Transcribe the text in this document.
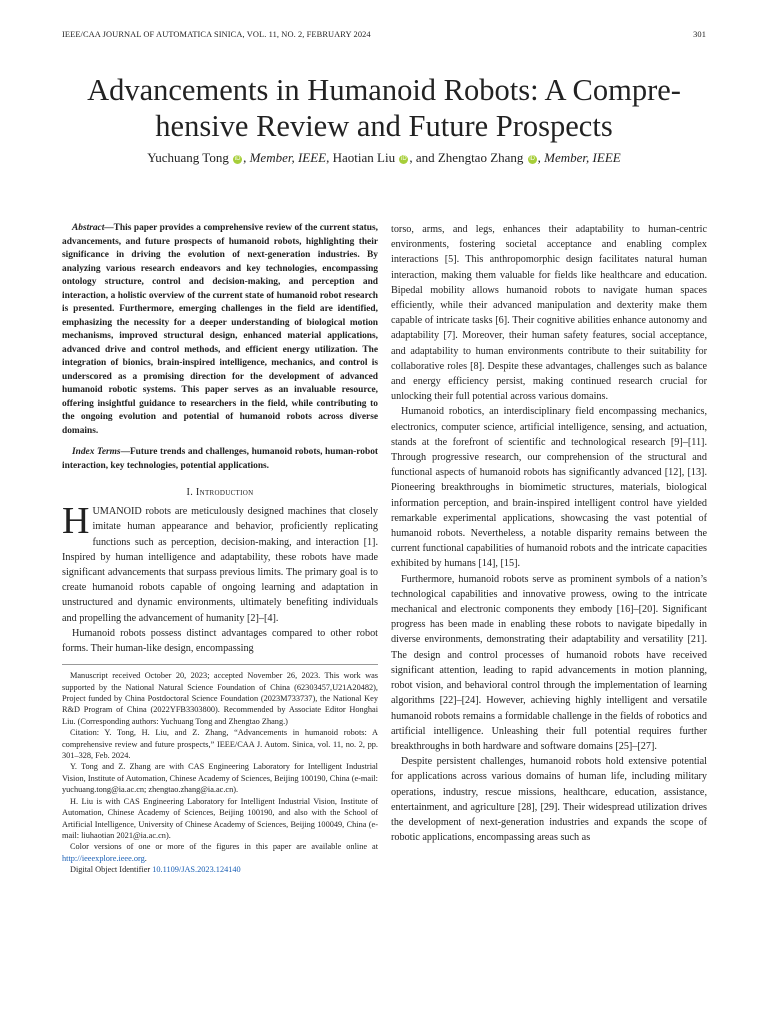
IEEE/CAA JOURNAL OF AUTOMATICA SINICA, VOL. 11, NO. 2, FEBRUARY 2024	301
Advancements in Humanoid Robots: A Compre-
hensive Review and Future Prospects
Yuchuang Tong iD , Member, IEEE, Haotian Liu iD , and Zhengtao Zhang iD , Member, IEEE

Abstract—This paper provides a comprehensive review of the current status, advancements, and future prospects of humanoid robots, highlighting their significance in driving the evolution of next-generation industries. By analyzing various research endeavors and key technologies, encompassing ontology structure, control and decision-making, and perception and interaction, a holistic overview of the current state of humanoid robot research is presented. Furthermore, emerging challenges in the field are identified, emphasizing the necessity for a deeper understanding of biological motion mechanisms, improved structural design, enhanced material applications, advanced drive and control methods, and efficient energy utilization. The integration of bionics, brain-inspired intelligence, mechanics, and control is underscored as a promising direction for the development of advanced humanoid robotic systems. This paper serves as an invaluable resource, offering insightful guidance to researchers in the field, while contributing to the ongoing evolution and potential of humanoid robots across diverse domains.

Index Terms—Future trends and challenges, humanoid robots, human-robot interaction, key technologies, potential applications.

I. Introduction

HUMANOID robots are meticulously designed machines that closely imitate human appearance and behavior, proficiently replicating functions such as perception, decision-making, and interaction [1]. Inspired by human intelligence and adaptability, these robots have made significant advancements that surpass previous limits. The primary goal is to create humanoid robots capable of ongoing learning and adaptation in unstructured and dynamic environments, ultimately benefiting individuals and propelling the advancement of humanity [2]–[4].

Humanoid robots possess distinct advantages compared to other robot forms. Their human-like design, encompassing

Manuscript received October 20, 2023; accepted November 26, 2023. This work was supported by the National Natural Science Foundation of China (62303457,U21A20482), Project funded by China Postdoctoral Science Foundation (2023M733737), the National Key R&D Program of China (2022YFB3303800). Recommended by Associate Editor Honghai Liu. (Corresponding authors: Yuchuang Tong and Zhengtao Zhang.)

Citation: Y. Tong, H. Liu, and Z. Zhang, “Advancements in humanoid robots: A comprehensive review and future prospects,” IEEE/CAA J. Autom. Sinica, vol. 11, no. 2, pp. 301–328, Feb. 2024.

Y. Tong and Z. Zhang are with CAS Engineering Laboratory for Intelligent Industrial Vision, Institute of Automation, Chinese Academy of Sciences, Beijing 100190, China (e-mail: yuchuang.tong@ia.ac.cn; zhengtao.zhang@ia.ac.cn).

H. Liu is with CAS Engineering Laboratory for Intelligent Industrial Vision, Institute of Automation, Chinese Academy of Sciences, Beijing 100190, and also with the School of Artificial Intelligence, University of Chinese Academy of Sciences, Beijing 100049, China (e-mail: liuhaotian 2021@ia.ac.cn).

Color versions of one or more of the figures in this paper are available online at http://ieeexplore.ieee.org.

Digital Object Identifier 10.1109/JAS.2023.124140

torso, arms, and legs, enhances their adaptability to human-centric environments, fostering societal acceptance and enabling complex interactions [5]. This anthropomorphic design facilitates natural human interaction, making them valuable for fields like healthcare and education. Bipedal mobility allows humanoid robots to navigate human spaces efficiently, while their advanced manipulation and dexterity make them capable of intricate tasks [6]. Their cognitive abilities enhance autonomy and adaptability [7]. Moreover, their human safety features, social acceptance, and adaptability to human environments contribute to their suitability for collaborative roles [8]. Despite these advantages, challenges such as balance and energy efficiency persist, making continued research crucial for unlocking their full potential across various domains.

Humanoid robotics, an interdisciplinary field encompassing mechanics, electronics, computer science, artificial intelligence, sensing, and actuation, stands at the forefront of scientific and technological research [9]–[11]. Through progressive research, our comprehension of the structural and functional aspects of humanoid robots has significantly advanced [12], [13]. Pioneering breakthroughs in biomimetic structures, materials, biological information perception, and brain-inspired intelligent control have yielded remarkable experimental applications, showcasing the vast potential of humanoid robots. Nevertheless, a notable disparity remains between the current functional capabilities of humanoid robots and the intricate capacities exhibited by humans [14], [15].

Furthermore, humanoid robots serve as prominent symbols of a nation’s technological capabilities and innovative prowess, owing to the intricate mechanical and electronic components they embody [16]–[20]. Significant progress has been made in enabling these robots to navigate bipedally in diverse environments, demonstrating their adaptability and versatility [21]. The design and control processes of humanoid robots have received significant attention, leading to rapid advancements in motion planning, robot vision, and behavioral control through the implementation of learning algorithms [22]–[24]. However, achieving highly intelligent and versatile humanoid robots remains a formidable challenge in the fields of robotics and artificial intelligence. Unleashing their full potential requires further breakthroughs in both hardware and software domains [25]–[27].

Despite persistent challenges, humanoid robots hold extensive potential for applications across various domains of human life, including military operations, industry, rescue missions, healthcare, education, assistance, entertainment, and agriculture [28], [29]. Their widespread utilization drives the development of next-generation industries and expands the scope of robotic applications, encompassing areas such as
